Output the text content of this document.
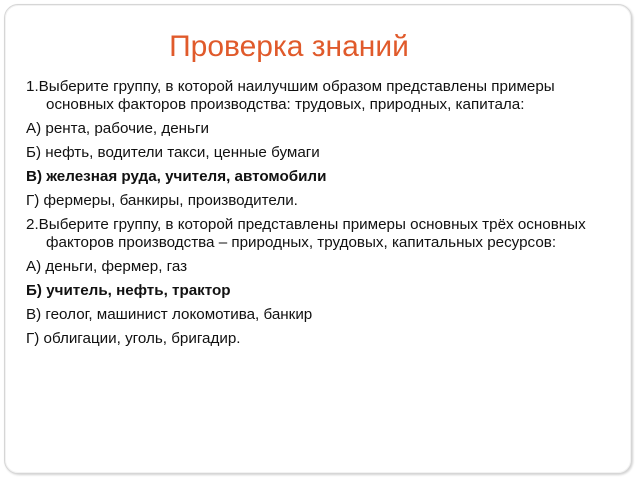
Проверка знаний
1.Выберите группу, в которой наилучшим образом представлены примеры основных факторов производства: трудовых, природных, капитала:
А) рента, рабочие, деньги
Б) нефть, водители такси, ценные бумаги
В) железная руда, учителя, автомобили
Г) фермеры, банкиры, производители.
2.Выберите группу, в которой представлены примеры основных трёх основных факторов производства – природных, трудовых, капитальных ресурсов:
А) деньги, фермер, газ
Б) учитель, нефть, трактор
В) геолог, машинист локомотива, банкир
Г) облигации, уголь, бригадир.
